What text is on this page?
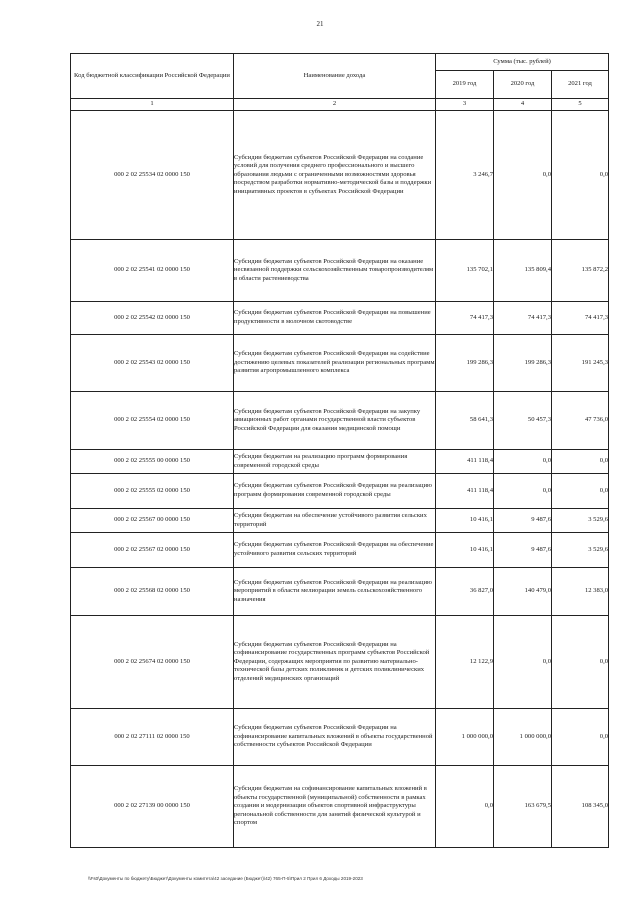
21
Код бюджетной классификации Российской Федерации	Наименование дохода	Сумма (тыс. рублей)		
		2019 год	2020 год	2021 год
1	2	3	4	5
000 2 02 25534 02 0000 150	Субсидии бюджетам субъектов Российской Федерации на создание условий для получения среднего профессионального и высшего образования людьми с ограниченными возможностями здоровья посредством разработки нормативно-методической базы и поддержки инициативных проектов в субъектах Российской Федерации	3 246,7	0,0	0,0
000 2 02 25541 02 0000 150	Субсидии бюджетам субъектов Российской Федерации на оказание несвязанной поддержки сельскохозяйственным товаропроизводителям в области растениеводства	135 702,1	135 809,4	135 872,2
000 2 02 25542 02 0000 150	Субсидии бюджетам субъектов Российской Федерации на повышение продуктивности в молочном скотоводстве	74 417,3	74 417,3	74 417,3
000 2 02 25543 02 0000 150	Субсидии бюджетам субъектов Российской Федерации на содействие достижению целевых показателей реализации региональных программ развития агропромышленного комплекса	199 286,3	199 286,3	191 245,3
000 2 02 25554 02 0000 150	Субсидии бюджетам субъектов Российской Федерации на закупку авиационных работ органами государственной власти субъектов Российской Федерации для оказания медицинской помощи	58 641,3	50 457,3	47 736,0
000 2 02 25555 00 0000 150	Субсидии бюджетам на реализацию программ формирования современной городской среды	411 118,4	0,0	0,0
000 2 02 25555 02 0000 150	Субсидии бюджетам субъектов Российской Федерации на реализацию программ формирования современной городской среды	411 118,4	0,0	0,0
000 2 02 25567 00 0000 150	Субсидии бюджетам на обеспечение устойчивого развития сельских территорий	10 416,1	9 487,6	3 529,6
000 2 02 25567 02 0000 150	Субсидии бюджетам субъектов Российской Федерации на обеспечение устойчивого развития сельских территорий	10 416,1	9 487,6	3 529,6
000 2 02 25568 02 0000 150	Субсидии бюджетам субъектов Российской Федерации на реализацию мероприятий в области мелиорации земель сельскохозяйственного назначения	36 827,0	140 479,0	12 383,0
000 2 02 25674 02 0000 150	Субсидии бюджетам субъектов Российской Федерации на софинансирование государственных программ субъектов Российской Федерации, содержащих мероприятия по развитию материально-технической базы детских поликлиник и детских поликлинических отделений медицинских организаций	12 122,9	0,0	0,0
000 2 02 27111 02 0000 150	Субсидии бюджетам субъектов Российской Федерации на софинансирование капитальных вложений в объекты государственной собственности субъектов Российской Федерации	1 000 000,0	1 000 000,0	0,0
000 2 02 27139 00 0000 150	Субсидии бюджетам на софинансирование капитальных вложений в объекты государственной (муниципальной) собственности в рамках создания и модернизации объектов спортивной инфраструктуры региональной собственности для занятий физической культурой и спортом	0,0	163 679,5	108 345,0
\\Fs0\Документы по бюджету\Бюджет\Документы комитета\42 заседание (Бюджет)\42) 765-П-5\Прил 2 Прил 6 Доходы 2019-2023
